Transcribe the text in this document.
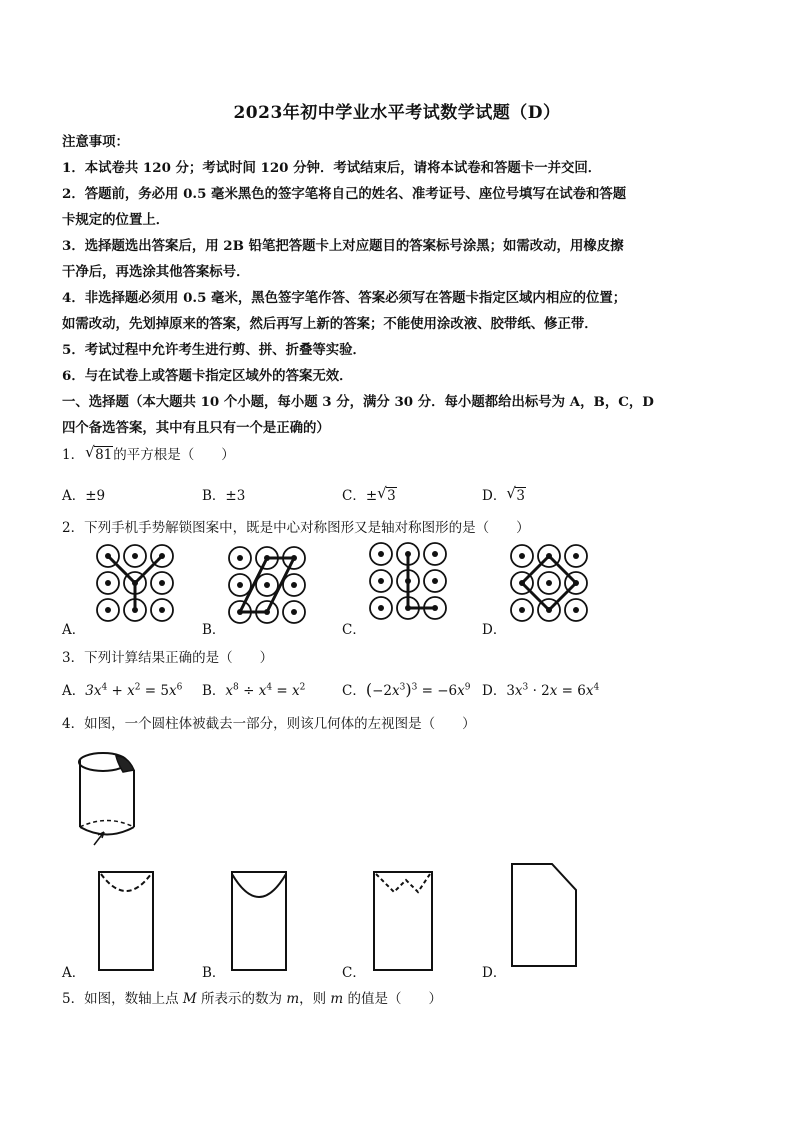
2023年初中学业水平考试数学试题（D）
注意事项：
1．本试卷共 120 分；考试时间 120 分钟．考试结束后，请将本试卷和答题卡一并交回．
2．答题前，务必用 0.5 毫米黑色的签字笔将自己的姓名、准考证号、座位号填写在试卷和答题
卡规定的位置上．
3．选择题选出答案后，用 2B 铅笔把答题卡上对应题目的答案标号涂黑；如需改动，用橡皮擦
干净后，再选涂其他答案标号．
4．非选择题必须用 0.5 毫米，黑色签字笔作答、答案必须写在答题卡指定区域内相应的位置；
如需改动，先划掉原来的答案，然后再写上新的答案；不能使用涂改液、胶带纸、修正带．
5．考试过程中允许考生进行剪、拼、折叠等实验．
6．与在试卷上或答题卡指定区域外的答案无效．
一、选择题（本大题共 10 个小题，每小题 3 分，满分 30 分．每小题都给出标号为 A，B，C，D
四个备选答案，其中有且只有一个是正确的）
1． √ 81的平方根是（　　）
A．±9	B．±3	C．± √ 3	D． √ 3
2．下列手机手势解锁图案中，既是中心对称图形又是轴对称图形的是（　　）
A．	B．	C．	D．
3．下列计算结果正确的是（　　）
A．$3x^4 + x^2 = 5x^6$ B．$x^8 \div x^4 = x^2$	C．$(-2x^3)^3 = -6x^9$ D．$3x^3 \cdot 2x = 6x^4$
4．如图，一个圆柱体被截去一部分，则该几何体的左视图是（　　）
A．	B．	C．	D．
5．如图，数轴上点 M 所表示的数为 m，则 m 的值是（　　）
